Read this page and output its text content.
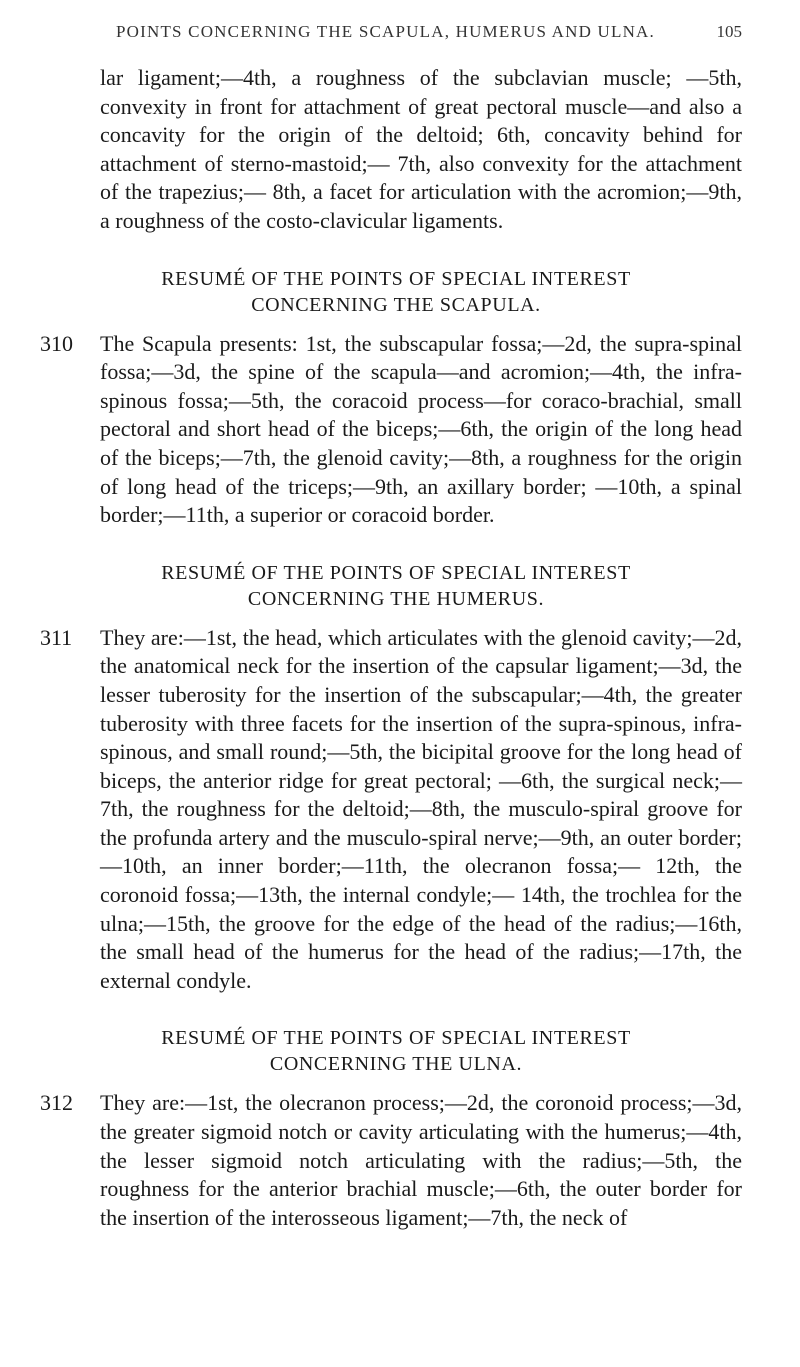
POINTS CONCERNING THE SCAPULA, HUMERUS AND ULNA.	105

lar ligament;—4th, a roughness of the subclavian muscle; —5th, convexity in front for attachment of great pectoral muscle—and also a concavity for the origin of the deltoid; 6th, concavity behind for attachment of sterno-mastoid;— 7th, also convexity for the attachment of the trapezius;— 8th, a facet for articulation with the acromion;—9th, a roughness of the costo-clavicular ligaments.

RESUMÉ OF THE POINTS OF SPECIAL INTEREST
CONCERNING THE SCAPULA.
310	The Scapula presents: 1st, the subscapular fossa;—2d, the supra-spinal fossa;—3d, the spine of the scapula—and acromion;—4th, the infra-spinous fossa;—5th, the coracoid process—for coraco-brachial, small pectoral and short head of the biceps;—6th, the origin of the long head of the biceps;—7th, the glenoid cavity;—8th, a roughness for the origin of long head of the triceps;—9th, an axillary border; —10th, a spinal border;—11th, a superior or coracoid border.

RESUMÉ OF THE POINTS OF SPECIAL INTEREST
CONCERNING THE HUMERUS.
311	They are:—1st, the head, which articulates with the glenoid cavity;—2d, the anatomical neck for the insertion of the capsular ligament;—3d, the lesser tuberosity for the insertion of the subscapular;—4th, the greater tuberosity with three facets for the insertion of the supra-spinous, infra-spinous, and small round;—5th, the bicipital groove for the long head of biceps, the anterior ridge for great pectoral; —6th, the surgical neck;—7th, the roughness for the deltoid;—8th, the musculo-spiral groove for the profunda artery and the musculo-spiral nerve;—9th, an outer border; —10th, an inner border;—11th, the olecranon fossa;— 12th, the coronoid fossa;—13th, the internal condyle;— 14th, the trochlea for the ulna;—15th, the groove for the edge of the head of the radius;—16th, the small head of the humerus for the head of the radius;—17th, the external condyle.

RESUMÉ OF THE POINTS OF SPECIAL INTEREST
CONCERNING THE ULNA.
312	They are:—1st, the olecranon process;—2d, the coronoid process;—3d, the greater sigmoid notch or cavity articulating with the humerus;—4th, the lesser sigmoid notch articulating with the radius;—5th, the roughness for the anterior brachial muscle;—6th, the outer border for the insertion of the interosseous ligament;—7th, the neck of
